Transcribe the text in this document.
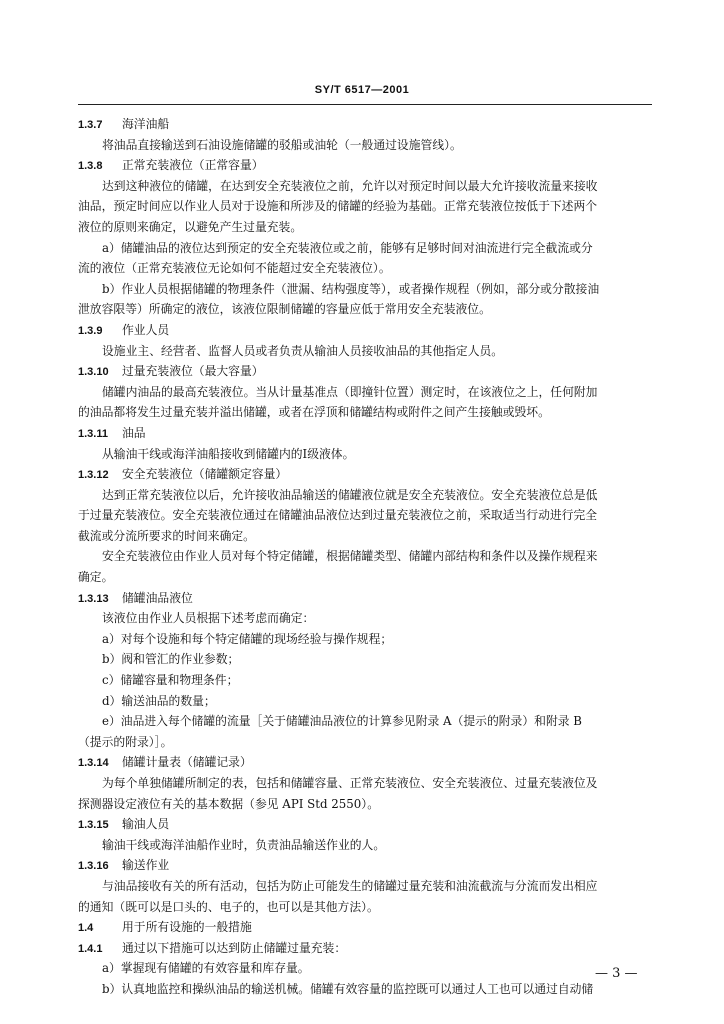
SY/T 6517—2001
1.3.7 海洋油船
将油品直接输送到石油设施储罐的驳船或油轮（一般通过设施管线）。
1.3.8 正常充装液位（正常容量）
达到这种液位的储罐，在达到安全充装液位之前，允许以对预定时间以最大允许接收流量来接收
油品，预定时间应以作业人员对于设施和所涉及的储罐的经验为基础。正常充装液位按低于下述两个
液位的原则来确定，以避免产生过量充装。
a）储罐油品的液位达到预定的安全充装液位或之前，能够有足够时间对油流进行完全截流或分
流的液位（正常充装液位无论如何不能超过安全充装液位）。
b）作业人员根据储罐的物理条件（泄漏、结构强度等），或者操作规程（例如，部分或分散接油
泄放容限等）所确定的液位，该液位限制储罐的容量应低于常用安全充装液位。
1.3.9 作业人员
设施业主、经营者、监督人员或者负责从输油人员接收油品的其他指定人员。
1.3.10 过量充装液位（最大容量）
储罐内油品的最高充装液位。当从计量基准点（即撞针位置）测定时，在该液位之上，任何附加
的油品都将发生过量充装并溢出储罐，或者在浮顶和储罐结构或附件之间产生接触或毁坏。
1.3.11 油品
从输油干线或海洋油船接收到储罐内的Ⅰ级液体。
1.3.12 安全充装液位（储罐额定容量）
达到正常充装液位以后，允许接收油品输送的储罐液位就是安全充装液位。安全充装液位总是低
于过量充装液位。安全充装液位通过在储罐油品液位达到过量充装液位之前，采取适当行动进行完全
截流或分流所要求的时间来确定。
安全充装液位由作业人员对每个特定储罐，根据储罐类型、储罐内部结构和条件以及操作规程来
确定。
1.3.13 储罐油品液位
该液位由作业人员根据下述考虑而确定：
a）对每个设施和每个特定储罐的现场经验与操作规程；
b）阀和管汇的作业参数；
c）储罐容量和物理条件；
d）输送油品的数量；
e）油品进入每个储罐的流量［关于储罐油品液位的计算参见附录 A（提示的附录）和附录 B
（提示的附录）］。
1.3.14 储罐计量表（储罐记录）
为每个单独储罐所制定的表，包括和储罐容量、正常充装液位、安全充装液位、过量充装液位及
探测器设定液位有关的基本数据（参见 API Std 2550）。
1.3.15 输油人员
输油干线或海洋油船作业时，负责油品输送作业的人。
1.3.16 输送作业
与油品接收有关的所有活动，包括为防止可能发生的储罐过量充装和油流截流与分流而发出相应
的通知（既可以是口头的、电子的，也可以是其他方法）。
1.4 用于所有设施的一般措施
1.4.1 通过以下措施可以达到防止储罐过量充装：
a）掌握现有储罐的有效容量和库存量。
b）认真地监控和操纵油品的输送机械。储罐有效容量的监控既可以通过人工也可以通过自动储
— 3 —
